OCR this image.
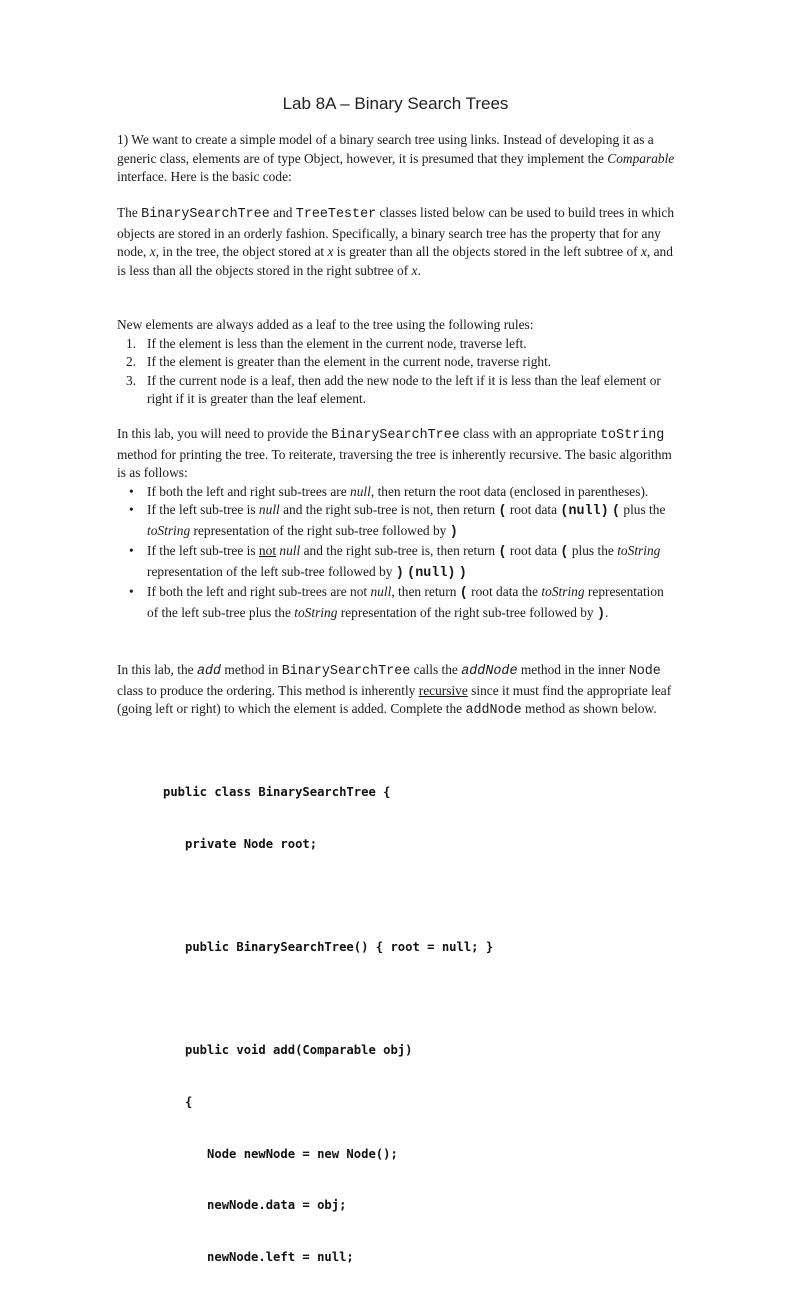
Lab 8A – Binary Search Trees

1) We want to create a simple model of a binary search tree using links. Instead of developing it as a generic class, elements are of type Object, however, it is presumed that they implement the Comparable interface. Here is the basic code:

The BinarySearchTree and TreeTester classes listed below can be used to build trees in which objects are stored in an orderly fashion. Specifically, a binary search tree has the property that for any node, x, in the tree, the object stored at x is greater than all the objects stored in the left subtree of x, and is less than all the objects stored in the right subtree of x.

New elements are always added as a leaf to the tree using the following rules:

1. If the element is less than the element in the current node, traverse left.
2. If the element is greater than the element in the current node, traverse right.
3. If the current node is a leaf, then add the new node to the left if it is less than the leaf element or right if it is greater than the leaf element.

In this lab, you will need to provide the BinarySearchTree class with an appropriate toString method for printing the tree. To reiterate, traversing the tree is inherently recursive. The basic algorithm is as follows:

• If both the left and right sub-trees are null, then return the root data (enclosed in parentheses).
• If the left sub-tree is null and the right sub-tree is not, then return ( root data (null) ( plus the toString representation of the right sub-tree followed by )
• If the left sub-tree is not null and the right sub-tree is, then return ( root data ( plus the toString representation of the left sub-tree followed by ) (null) )
• If both the left and right sub-trees are not null, then return ( root data the toString representation of the left sub-tree plus the toString representation of the right sub-tree followed by ).

In this lab, the add method in BinarySearchTree calls the addNode method in the inner Node class to produce the ordering. This method is inherently recursive since it must find the appropriate leaf (going left or right) to which the element is added. Complete the addNode method as shown below.

public class BinarySearchTree {

private Node root;

public BinarySearchTree() { root = null; }

public void add(Comparable obj)

{

Node newNode = new Node();

newNode.data = obj;

newNode.left = null;
